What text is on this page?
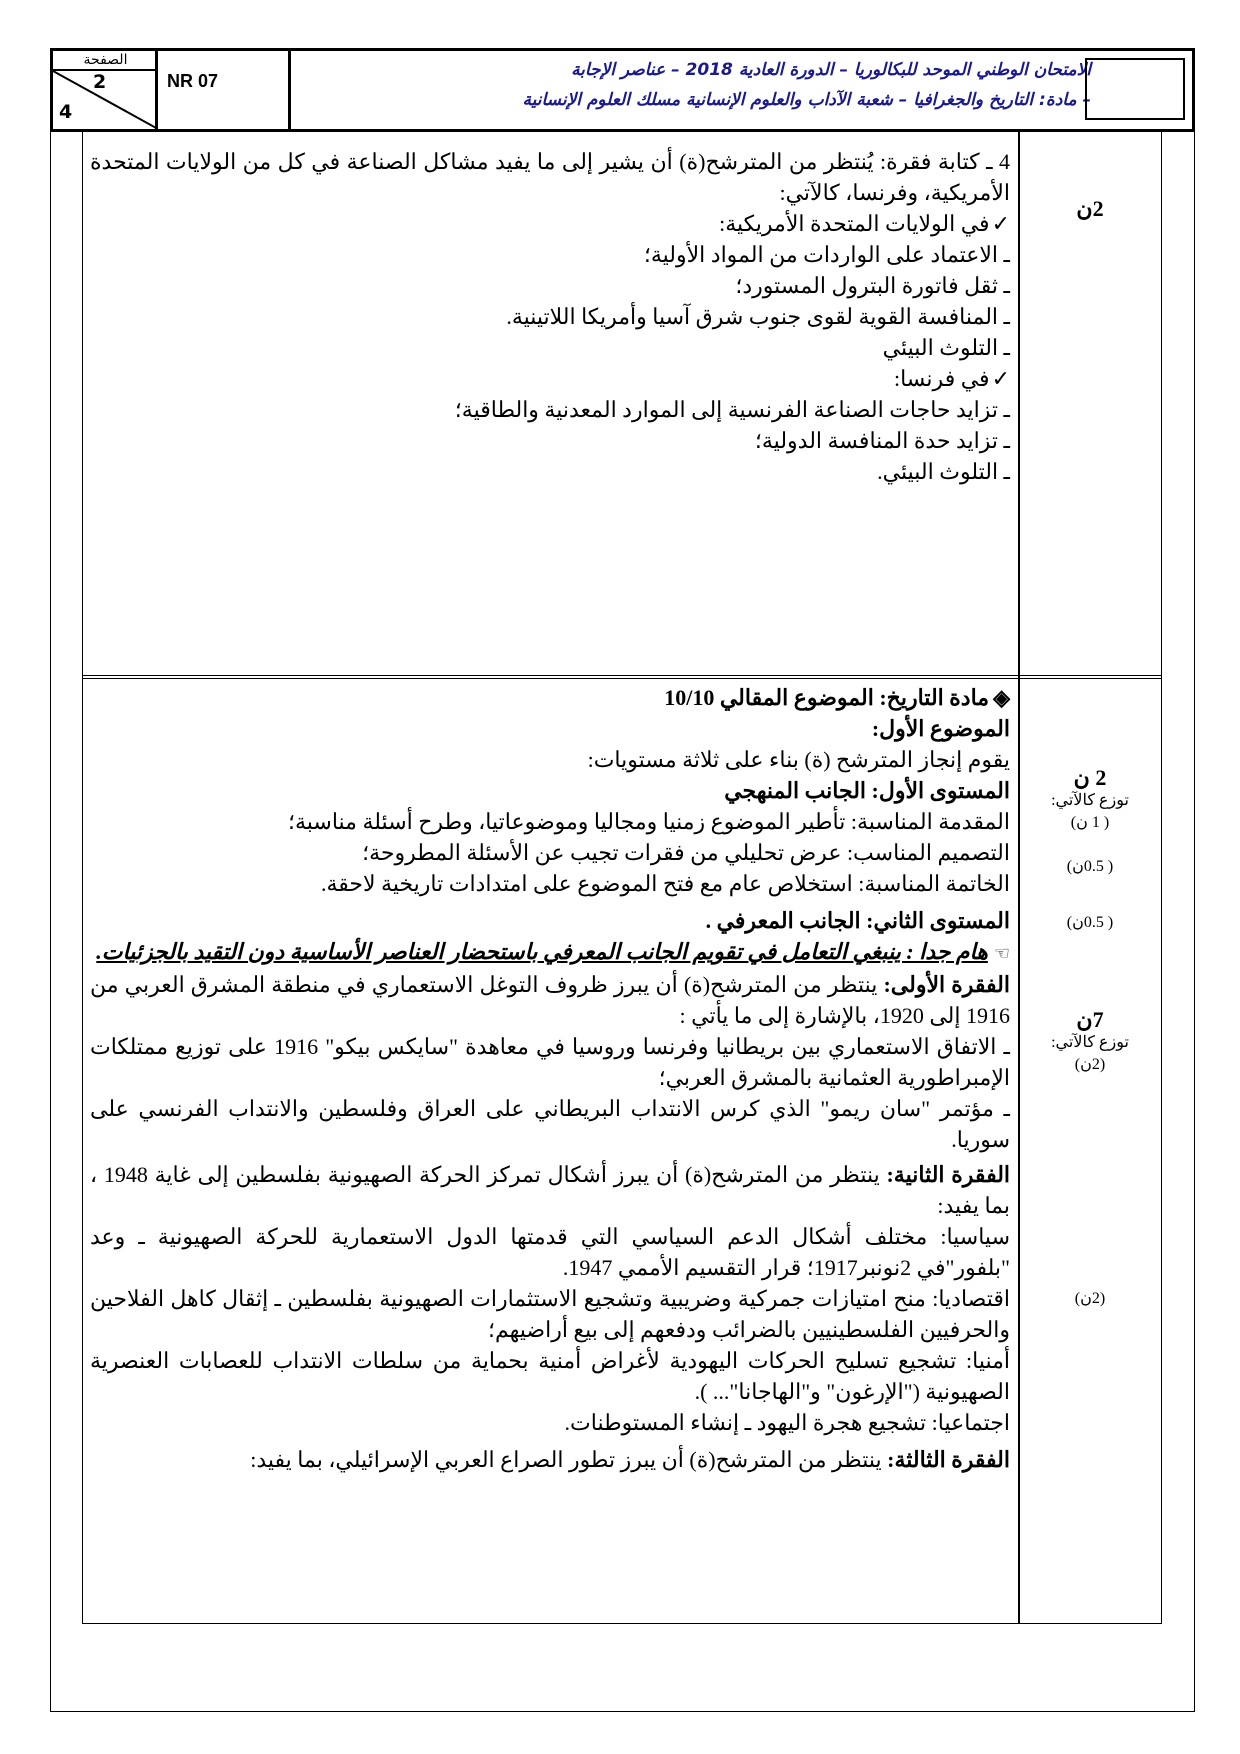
الصفحة
2
4
NR 07
الامتحان الوطني الموحد للبكالوريا – الدورة العادية 2018 – عناصر الإجابة
– مادة: التاريخ والجغرافيا – شعبة الآداب والعلوم الإنسانية مسلك العلوم الإنسانية
4 ـ كتابة فقرة: يُنتظر من المترشح(ة) أن يشير إلى ما يفيد مشاكل الصناعة في كل من الولايات المتحدة الأمريكية، وفرنسا، كالآتي:
✓ في الولايات المتحدة الأمريكية:
ـ الاعتماد على الواردات من المواد الأولية؛
ـ ثقل فاتورة البترول المستورد؛
ـ المنافسة القوية لقوى جنوب شرق آسيا وأمريكا اللاتينية.
ـ التلوث البيئي
✓ في فرنسا:
ـ تزايد حاجات الصناعة الفرنسية إلى الموارد المعدنية والطاقية؛
ـ تزايد حدة المنافسة الدولية؛
ـ التلوث البيئي.
2ن
◈ مادة التاريخ: الموضوع المقالي 10/10
الموضوع الأول:
يقوم إنجاز المترشح (ة) بناء على ثلاثة مستويات:
المستوى الأول: الجانب المنهجي
المقدمة المناسبة: تأطير الموضوع زمنيا ومجاليا وموضوعاتيا، وطرح أسئلة مناسبة؛
التصميم المناسب: عرض تحليلي من فقرات تجيب عن الأسئلة المطروحة؛
الخاتمة المناسبة: استخلاص عام مع فتح الموضوع على امتدادات تاريخية لاحقة.
المستوى الثاني: الجانب المعرفي .
☜هام جدا : ينبغي التعامل في تقويم الجانب المعرفي باستحضار العناصر الأساسية دون التقيد بالجزئيات.
الفقرة الأولى: ينتظر من المترشح(ة) أن يبرز ظروف التوغل الاستعماري في منطقة المشرق العربي من 1916 إلى 1920، بالإشارة إلى ما يأتي :
ـ الاتفاق الاستعماري بين بريطانيا وفرنسا وروسيا في معاهدة "سايكس بيكو" 1916 على توزيع ممتلكات الإمبراطورية العثمانية بالمشرق العربي؛
ـ مؤتمر "سان ريمو" الذي كرس الانتداب البريطاني على العراق وفلسطين والانتداب الفرنسي على سوريا.
الفقرة الثانية: ينتظر من المترشح(ة) أن يبرز أشكال تمركز الحركة الصهيونية بفلسطين إلى غاية 1948 ، بما يفيد:
سياسيا: مختلف أشكال الدعم السياسي التي قدمتها الدول الاستعمارية للحركة الصهيونية ـ وعد "بلفور"في 2نونبر1917؛ قرار التقسيم الأممي 1947.
اقتصاديا: منح امتيازات جمركية وضريبية وتشجيع الاستثمارات الصهيونية بفلسطين ـ إثقال كاهل الفلاحين والحرفيين الفلسطينيين بالضرائب ودفعهم إلى بيع أراضيهم؛
أمنيا: تشجيع تسليح الحركات اليهودية لأغراض أمنية بحماية من سلطات الانتداب للعصابات العنصرية الصهيونية ("الإرغون" و"الهاجانا"... ).
اجتماعيا: تشجيع هجرة اليهود ـ إنشاء المستوطنات.
الفقرة الثالثة: ينتظر من المترشح(ة) أن يبرز تطور الصراع العربي الإسرائيلي، بما يفيد:
2 ن
توزع كالآتي:
( 1 ن)
( 0.5ن)
( 0.5ن)
7ن
توزع كالآتي:
(2ن)
(2ن)
